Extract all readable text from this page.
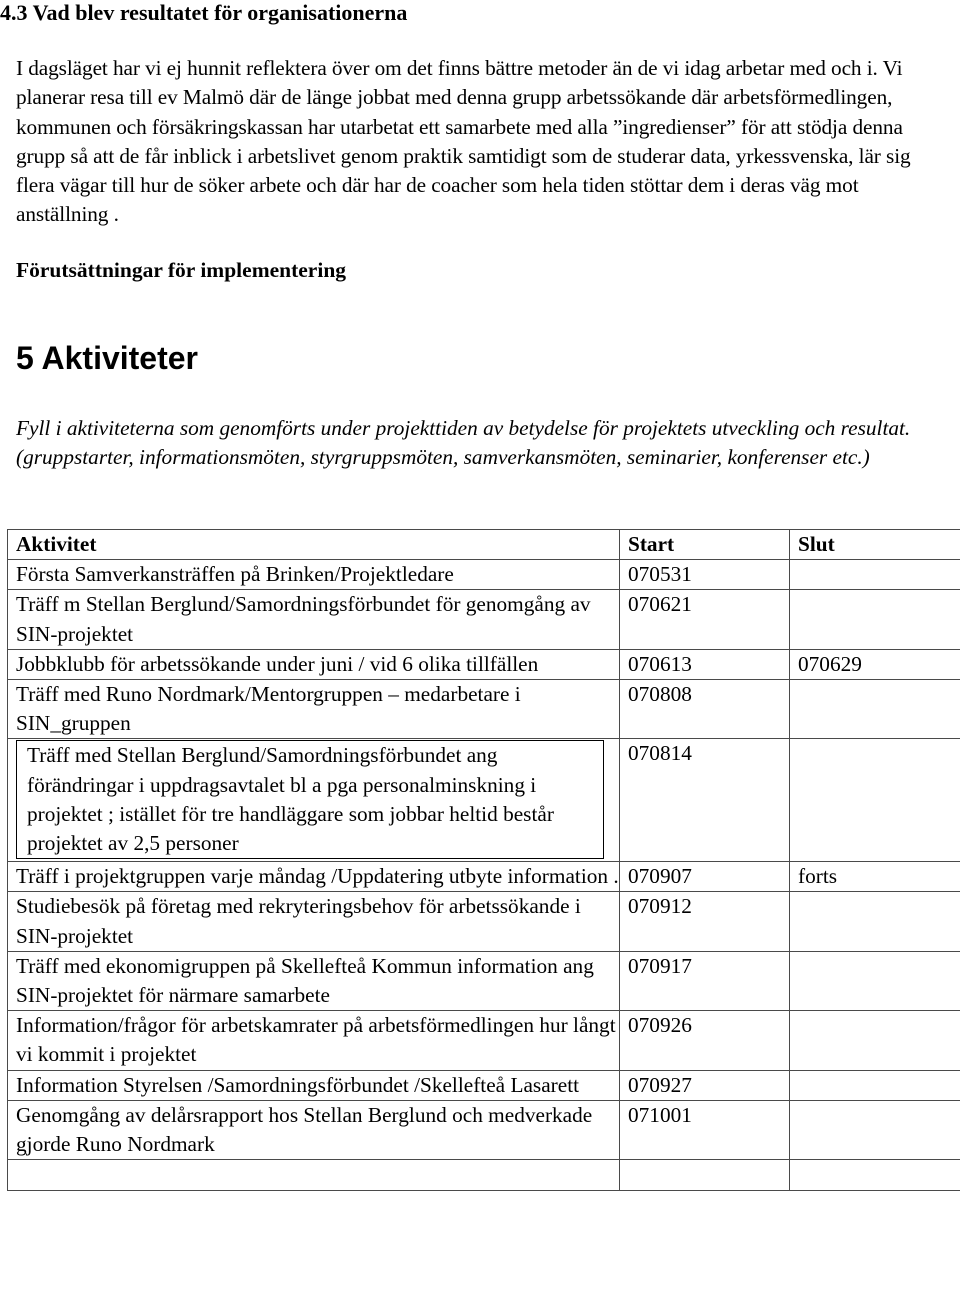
4.3 Vad blev resultatet för organisationerna

I dagsläget har vi ej hunnit reflektera över om det finns bättre metoder än de vi idag arbetar med och i. Vi planerar resa till ev Malmö där de länge jobbat med denna grupp arbetssökande där arbetsförmedlingen, kommunen och försäkringskassan har utarbetat ett samarbete med alla ”ingredienser” för att stödja denna grupp så att de får inblick i arbetslivet genom praktik samtidigt som de studerar data, yrkessvenska, lär sig flera vägar till hur de söker arbete och där har de coacher som hela tiden stöttar dem i deras väg mot anställning .

Förutsättningar för implementering
5 Aktiviteter

Fyll i aktiviteterna som genomförts under projekttiden av betydelse för projektets utveckling och resultat. (gruppstarter, informationsmöten, styrgruppsmöten, samverkansmöten, seminarier, konferenser etc.)

Aktivitet	Start	Slut
Första Samverkansträffen på Brinken/Projektledare	070531	
Träff m Stellan Berglund/Samordningsförbundet för genomgång av SIN-projektet	070621	
Jobbklubb för arbetssökande under juni / vid 6 olika tillfällen	070613	070629
Träff med Runo Nordmark/Mentorgruppen – medarbetare i SIN_gruppen	070808	

Träff med Stellan Berglund/Samordningsförbundet ang förändringar i uppdragsavtalet bl a pga personalminskning i projektet ; istället för tre handläggare som jobbar heltid består projektet av 2,5 personer	070814	
Träff i projektgruppen varje måndag /Uppdatering utbyte information .	070907	forts
Studiebesök på företag med rekryteringsbehov för arbetssökande i SIN-projektet	070912	
Träff med ekonomigruppen på Skellefteå Kommun information ang SIN-projektet för närmare samarbete	070917	
Information/frågor för arbetskamrater på arbetsförmedlingen hur långt vi kommit i projektet	070926	
Information Styrelsen /Samordningsförbundet /Skellefteå Lasarett	070927	
Genomgång av delårsrapport hos Stellan Berglund och medverkade gjorde Runo Nordmark	071001	
